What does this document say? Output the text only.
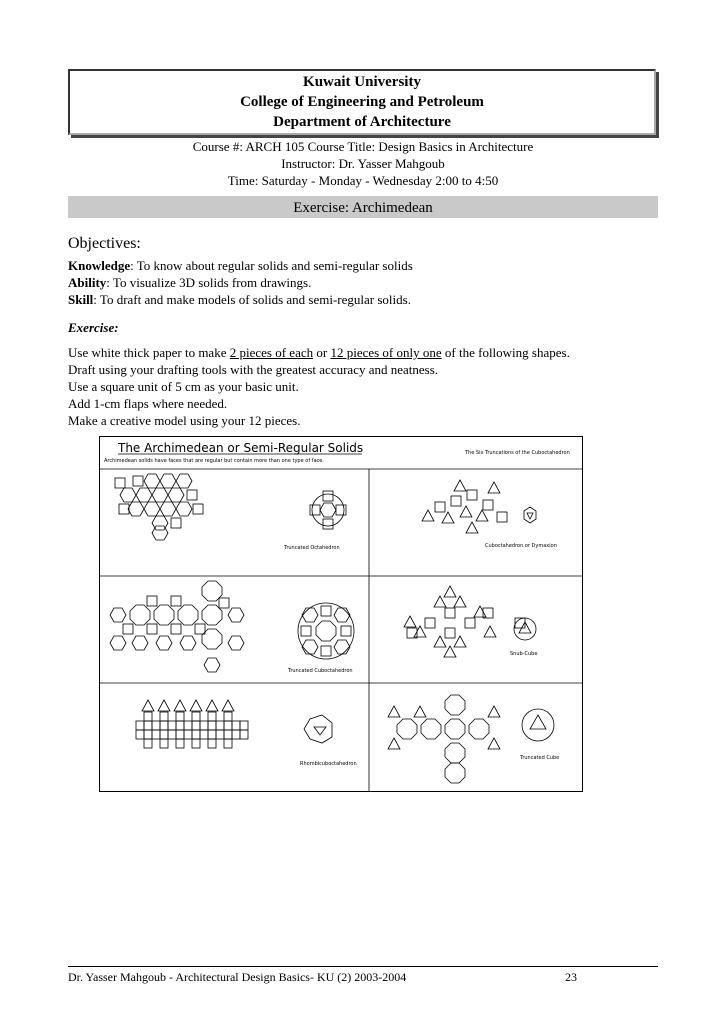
Kuwait University
College of Engineering and Petroleum
Department of Architecture
Course #: ARCH 105 Course Title: Design Basics in Architecture
Instructor: Dr. Yasser Mahgoub
Time: Saturday - Monday - Wednesday 2:00 to 4:50
Exercise: Archimedean
Objectives:
Knowledge: To know about regular solids and semi-regular solids
Ability: To visualize 3D solids from drawings.
Skill: To draft and make models of solids and semi-regular solids.
Exercise:
Use white thick paper to make 2 pieces of each or 12 pieces of only one of the following shapes.
Draft using your drafting tools with the greatest accuracy and neatness.
Use a square unit of 5 cm as your basic unit.
Add 1-cm flaps where needed.
Make a creative model using your 12 pieces.
The Archimedean or Semi-Regular Solids
Archimedean solids have faces that are regular but contain more than one type of face.
The Six Truncations of the Cuboctahedron
Truncated Octahedron	Cuboctahedron or Dymaxion
Truncated Cuboctahedron
Snub-Cube
Rhombicuboctahedron
Truncated Cube
Dr. Yasser Mahgoub - Architectural Design Basics- KU (2) 2003-2004	23
